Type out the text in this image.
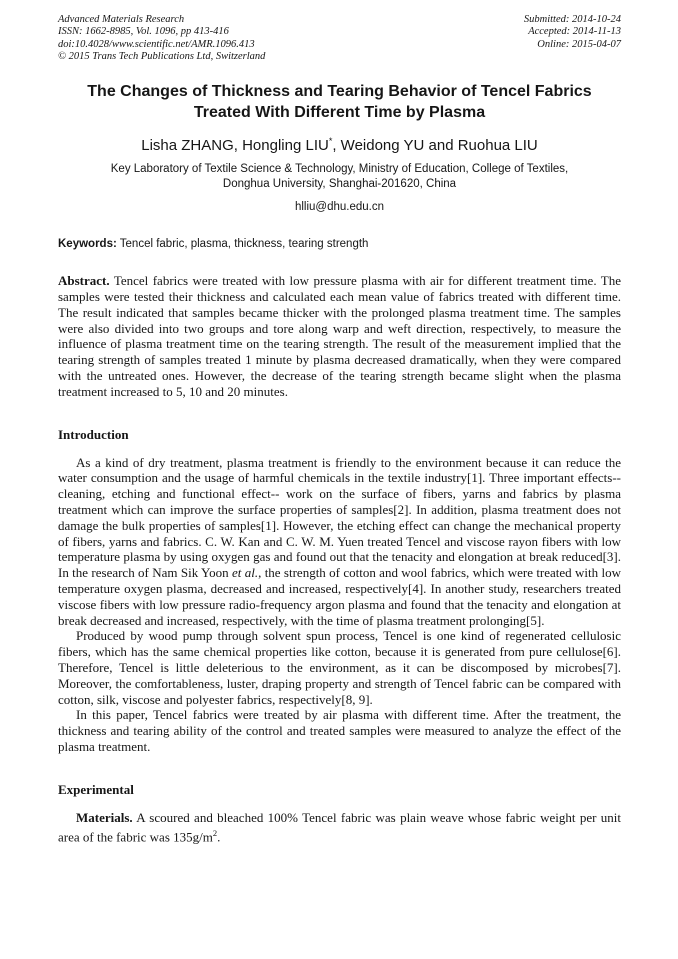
Advanced Materials Research
ISSN: 1662-8985, Vol. 1096, pp 413-416
doi:10.4028/www.scientific.net/AMR.1096.413
© 2015 Trans Tech Publications Ltd, Switzerland
Submitted: 2014-10-24
Accepted: 2014-11-13
Online: 2015-04-07
The Changes of Thickness and Tearing Behavior of Tencel Fabrics
Treated With Different Time by Plasma
Lisha ZHANG, Hongling LIU*, Weidong YU and Ruohua LIU
Key Laboratory of Textile Science & Technology, Ministry of Education, College of Textiles,
Donghua University, Shanghai-201620, China
hlliu@dhu.edu.cn
Keywords: Tencel fabric, plasma, thickness, tearing strength

Abstract. Tencel fabrics were treated with low pressure plasma with air for different treatment time. The samples were tested their thickness and calculated each mean value of fabrics treated with different time. The result indicated that samples became thicker with the prolonged plasma treatment time. The samples were also divided into two groups and tore along warp and weft direction, respectively, to measure the influence of plasma treatment time on the tearing strength. The result of the measurement implied that the tearing strength of samples treated 1 minute by plasma decreased dramatically, when they were compared with the untreated ones. However, the decrease of the tearing strength became slight when the plasma treatment increased to 5, 10 and 20 minutes.

Introduction

As a kind of dry treatment, plasma treatment is friendly to the environment because it can reduce the water consumption and the usage of harmful chemicals in the textile industry[1]. Three important effects-- cleaning, etching and functional effect-- work on the surface of fibers, yarns and fabrics by plasma treatment which can improve the surface properties of samples[2]. In addition, plasma treatment does not damage the bulk properties of samples[1]. However, the etching effect can change the mechanical property of fibers, yarns and fabrics. C. W. Kan and C. W. M. Yuen treated Tencel and viscose rayon fibers with low temperature plasma by using oxygen gas and found out that the tenacity and elongation at break reduced[3]. In the research of Nam Sik Yoon et al., the strength of cotton and wool fabrics, which were treated with low temperature oxygen plasma, decreased and increased, respectively[4]. In another study, researchers treated viscose fibers with low pressure radio-frequency argon plasma and found that the tenacity and elongation at break decreased and increased, respectively, with the time of plasma treatment prolonging[5].

Produced by wood pump through solvent spun process, Tencel is one kind of regenerated cellulosic fibers, which has the same chemical properties like cotton, because it is generated from pure cellulose[6]. Therefore, Tencel is little deleterious to the environment, as it can be discomposed by microbes[7]. Moreover, the comfortableness, luster, draping property and strength of Tencel fabric can be compared with cotton, silk, viscose and polyester fabrics, respectively[8, 9].

In this paper, Tencel fabrics were treated by air plasma with different time. After the treatment, the thickness and tearing ability of the control and treated samples were measured to analyze the effect of the plasma treatment.

Experimental

Materials. A scoured and bleached 100% Tencel fabric was plain weave whose fabric weight per unit area of the fabric was $135g/m^2$.
